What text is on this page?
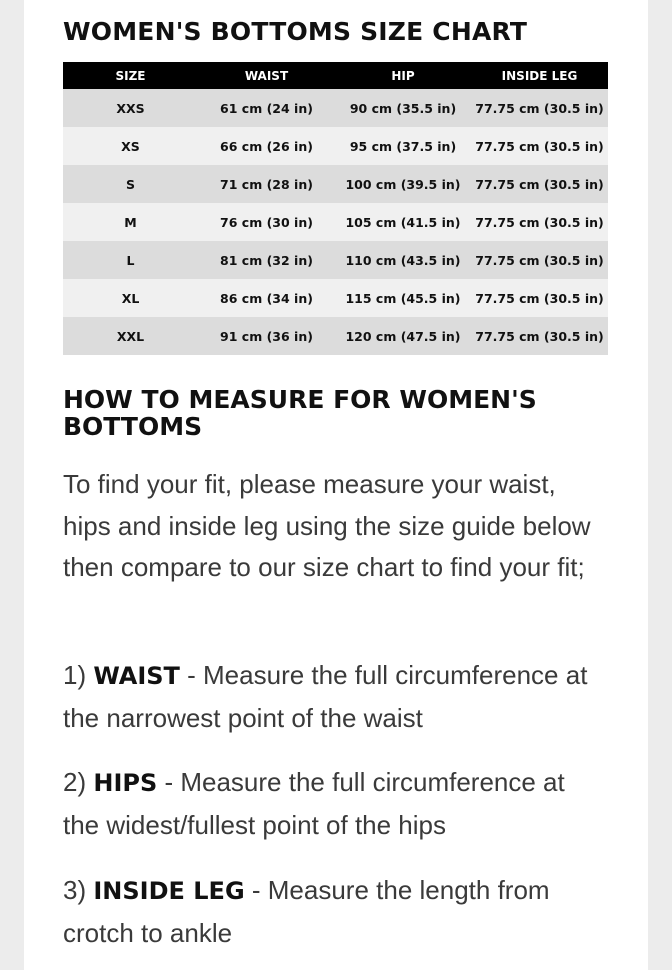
WOMEN'S BOTTOMS SIZE CHART
SIZE	WAIST	HIP	INSIDE LEG
XXS	61 cm (24 in)	90 cm (35.5 in)	77.75 cm (30.5 in)
XS	66 cm (26 in)	95 cm (37.5 in)	77.75 cm (30.5 in)
S	71 cm (28 in)	100 cm (39.5 in)	77.75 cm (30.5 in)
M	76 cm (30 in)	105 cm (41.5 in)	77.75 cm (30.5 in)
L	81 cm (32 in)	110 cm (43.5 in)	77.75 cm (30.5 in)
XL	86 cm (34 in)	115 cm (45.5 in)	77.75 cm (30.5 in)
XXL	91 cm (36 in)	120 cm (47.5 in)	77.75 cm (30.5 in)
HOW TO MEASURE FOR WOMEN'S BOTTOMS

To find your fit, please measure your waist, hips and inside leg using the size guide below then compare to our size chart to find your fit;

1) WAIST - Measure the full circumference at the narrowest point of the waist

2) HIPS - Measure the full circumference at the widest/fullest point of the hips

3) INSIDE LEG - Measure the length from crotch to ankle
